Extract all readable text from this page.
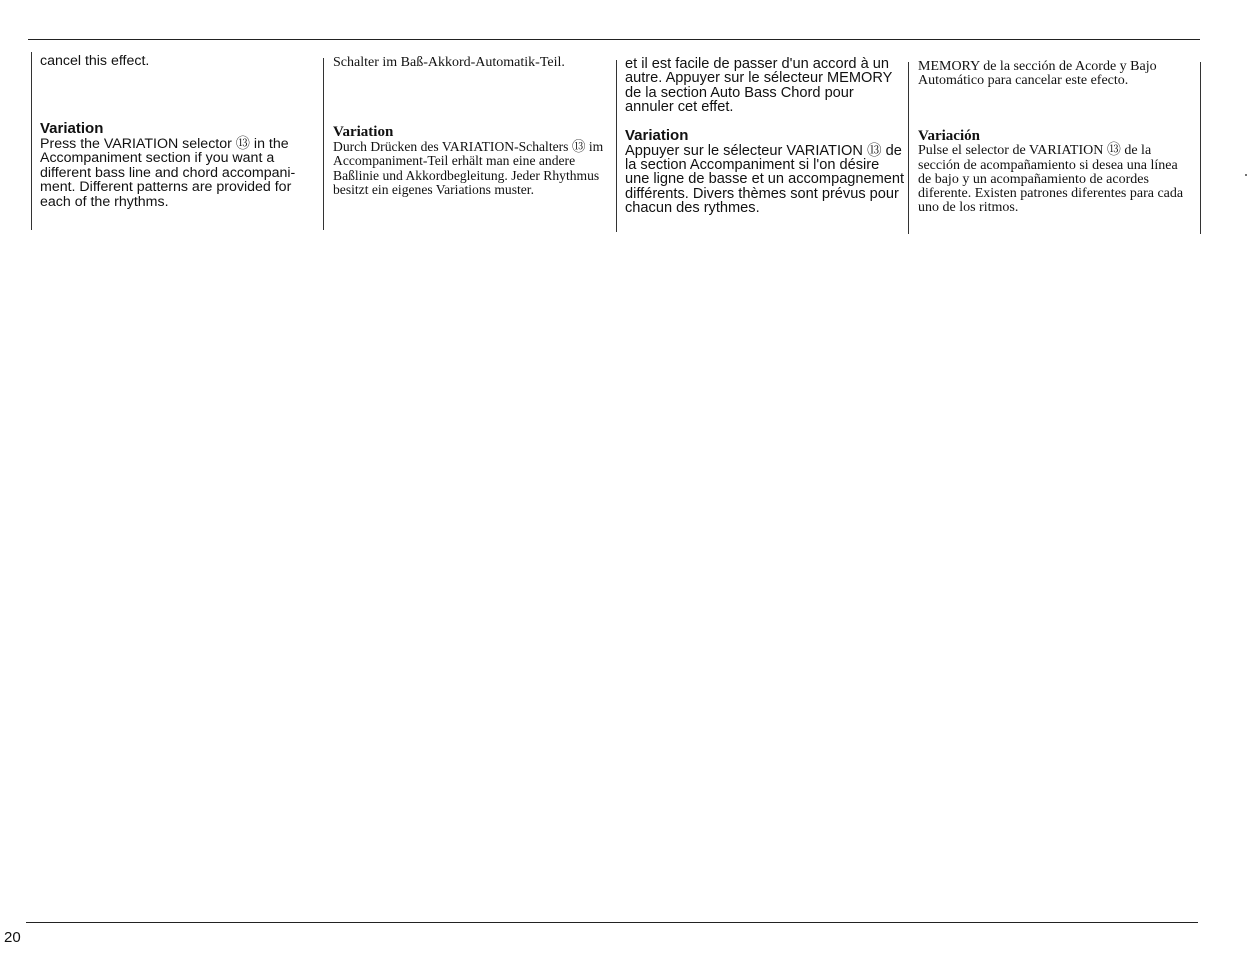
cancel this effect.

Variation

Press the VARIATION selector ⑬ in the Accompaniment section if you want a different bass line and chord accompani-ment. Different patterns are provided for each of the rhythms.

Schalter im Baß-Akkord-Automatik-Teil.

Variation

Durch Drücken des VARIATION-Schalters ⑬ im Accompaniment-Teil erhält man eine andere Baßlinie und Akkordbegleitung. Jeder Rhythmus besitzt ein eigenes Variations muster.

et il est facile de passer d'un accord à un autre. Appuyer sur le sélecteur MEMORY de la section Auto Bass Chord pour annuler cet effet.

Variation

Appuyer sur le sélecteur VARIATION ⑬ de la section Accompaniment si l'on désire une ligne de basse et un accompagnement différents. Divers thèmes sont prévus pour chacun des rythmes.

MEMORY de la sección de Acorde y Bajo Automático para cancelar este efecto.

Variación

Pulse el selector de VARIATION ⑬ de la sección de acompañamiento si desea una línea de bajo y un acompañamiento de acordes diferente. Existen patrones diferentes para cada uno de los ritmos.

20
